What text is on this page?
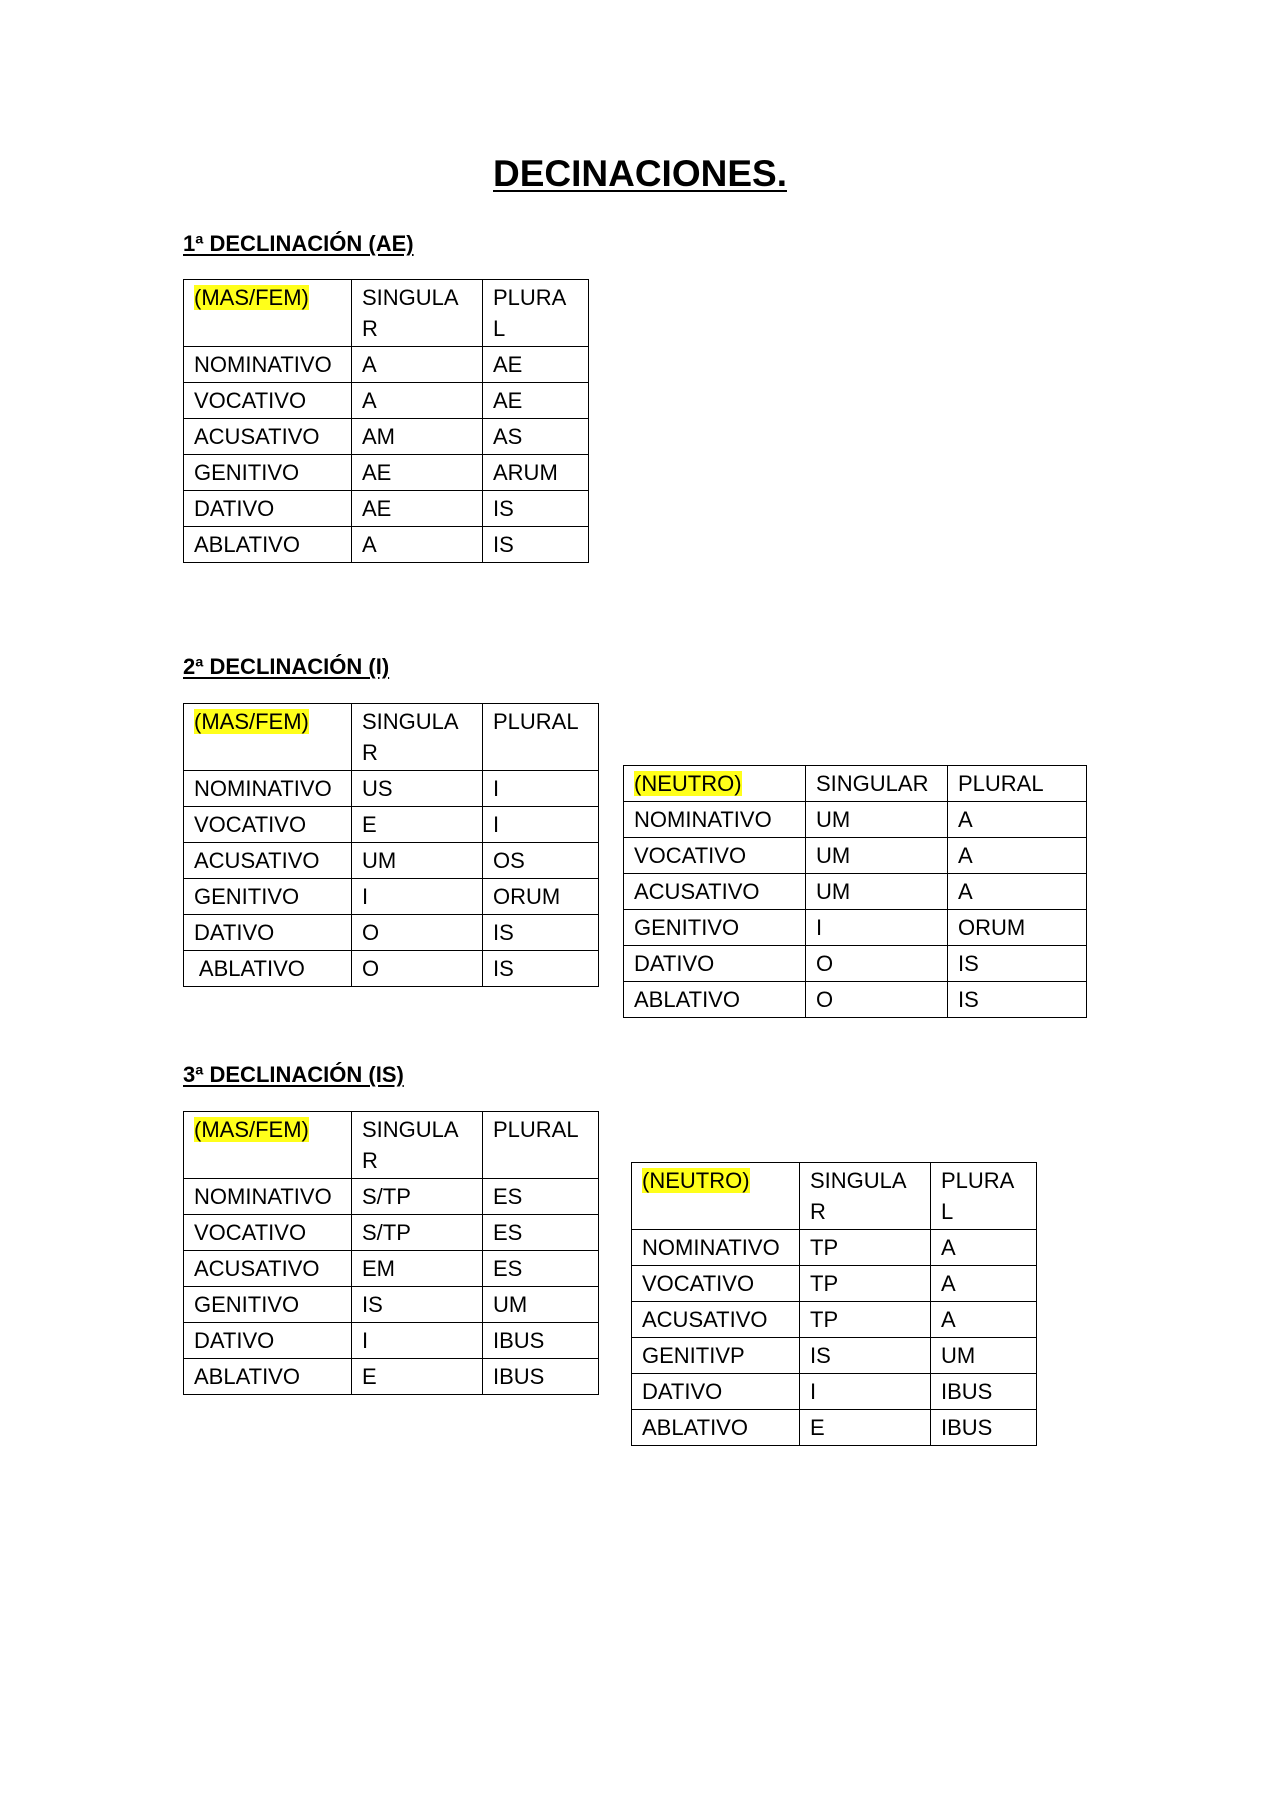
DECINACIONES.
1ª DECLINACIÓN (AE)
(MAS/FEM)	SINGULAR	PLURAL
NOMINATIVO	A	AE
VOCATIVO	A	AE
ACUSATIVO	AM	AS
GENITIVO	AE	ARUM
DATIVO	AE	IS
ABLATIVO	A	IS
2ª DECLINACIÓN (I)
(MAS/FEM)	SINGULAR	PLURAL
NOMINATIVO	US	I
VOCATIVO	E	I
ACUSATIVO	UM	OS
GENITIVO	I	ORUM
DATIVO	O	IS
ABLATIVO	O	IS
(NEUTRO)	SINGULAR	PLURAL
NOMINATIVO	UM	A
VOCATIVO	UM	A
ACUSATIVO	UM	A
GENITIVO	I	ORUM
DATIVO	O	IS
ABLATIVO	O	IS
3ª DECLINACIÓN (IS)
(MAS/FEM)	SINGULAR	PLURAL
NOMINATIVO	S/TP	ES
VOCATIVO	S/TP	ES
ACUSATIVO	EM	ES
GENITIVO	IS	UM
DATIVO	I	IBUS
ABLATIVO	E	IBUS
(NEUTRO)	SINGULAR	PLURAL
NOMINATIVO	TP	A
VOCATIVO	TP	A
ACUSATIVO	TP	A
GENITIVP	IS	UM
DATIVO	I	IBUS
ABLATIVO	E	IBUS
